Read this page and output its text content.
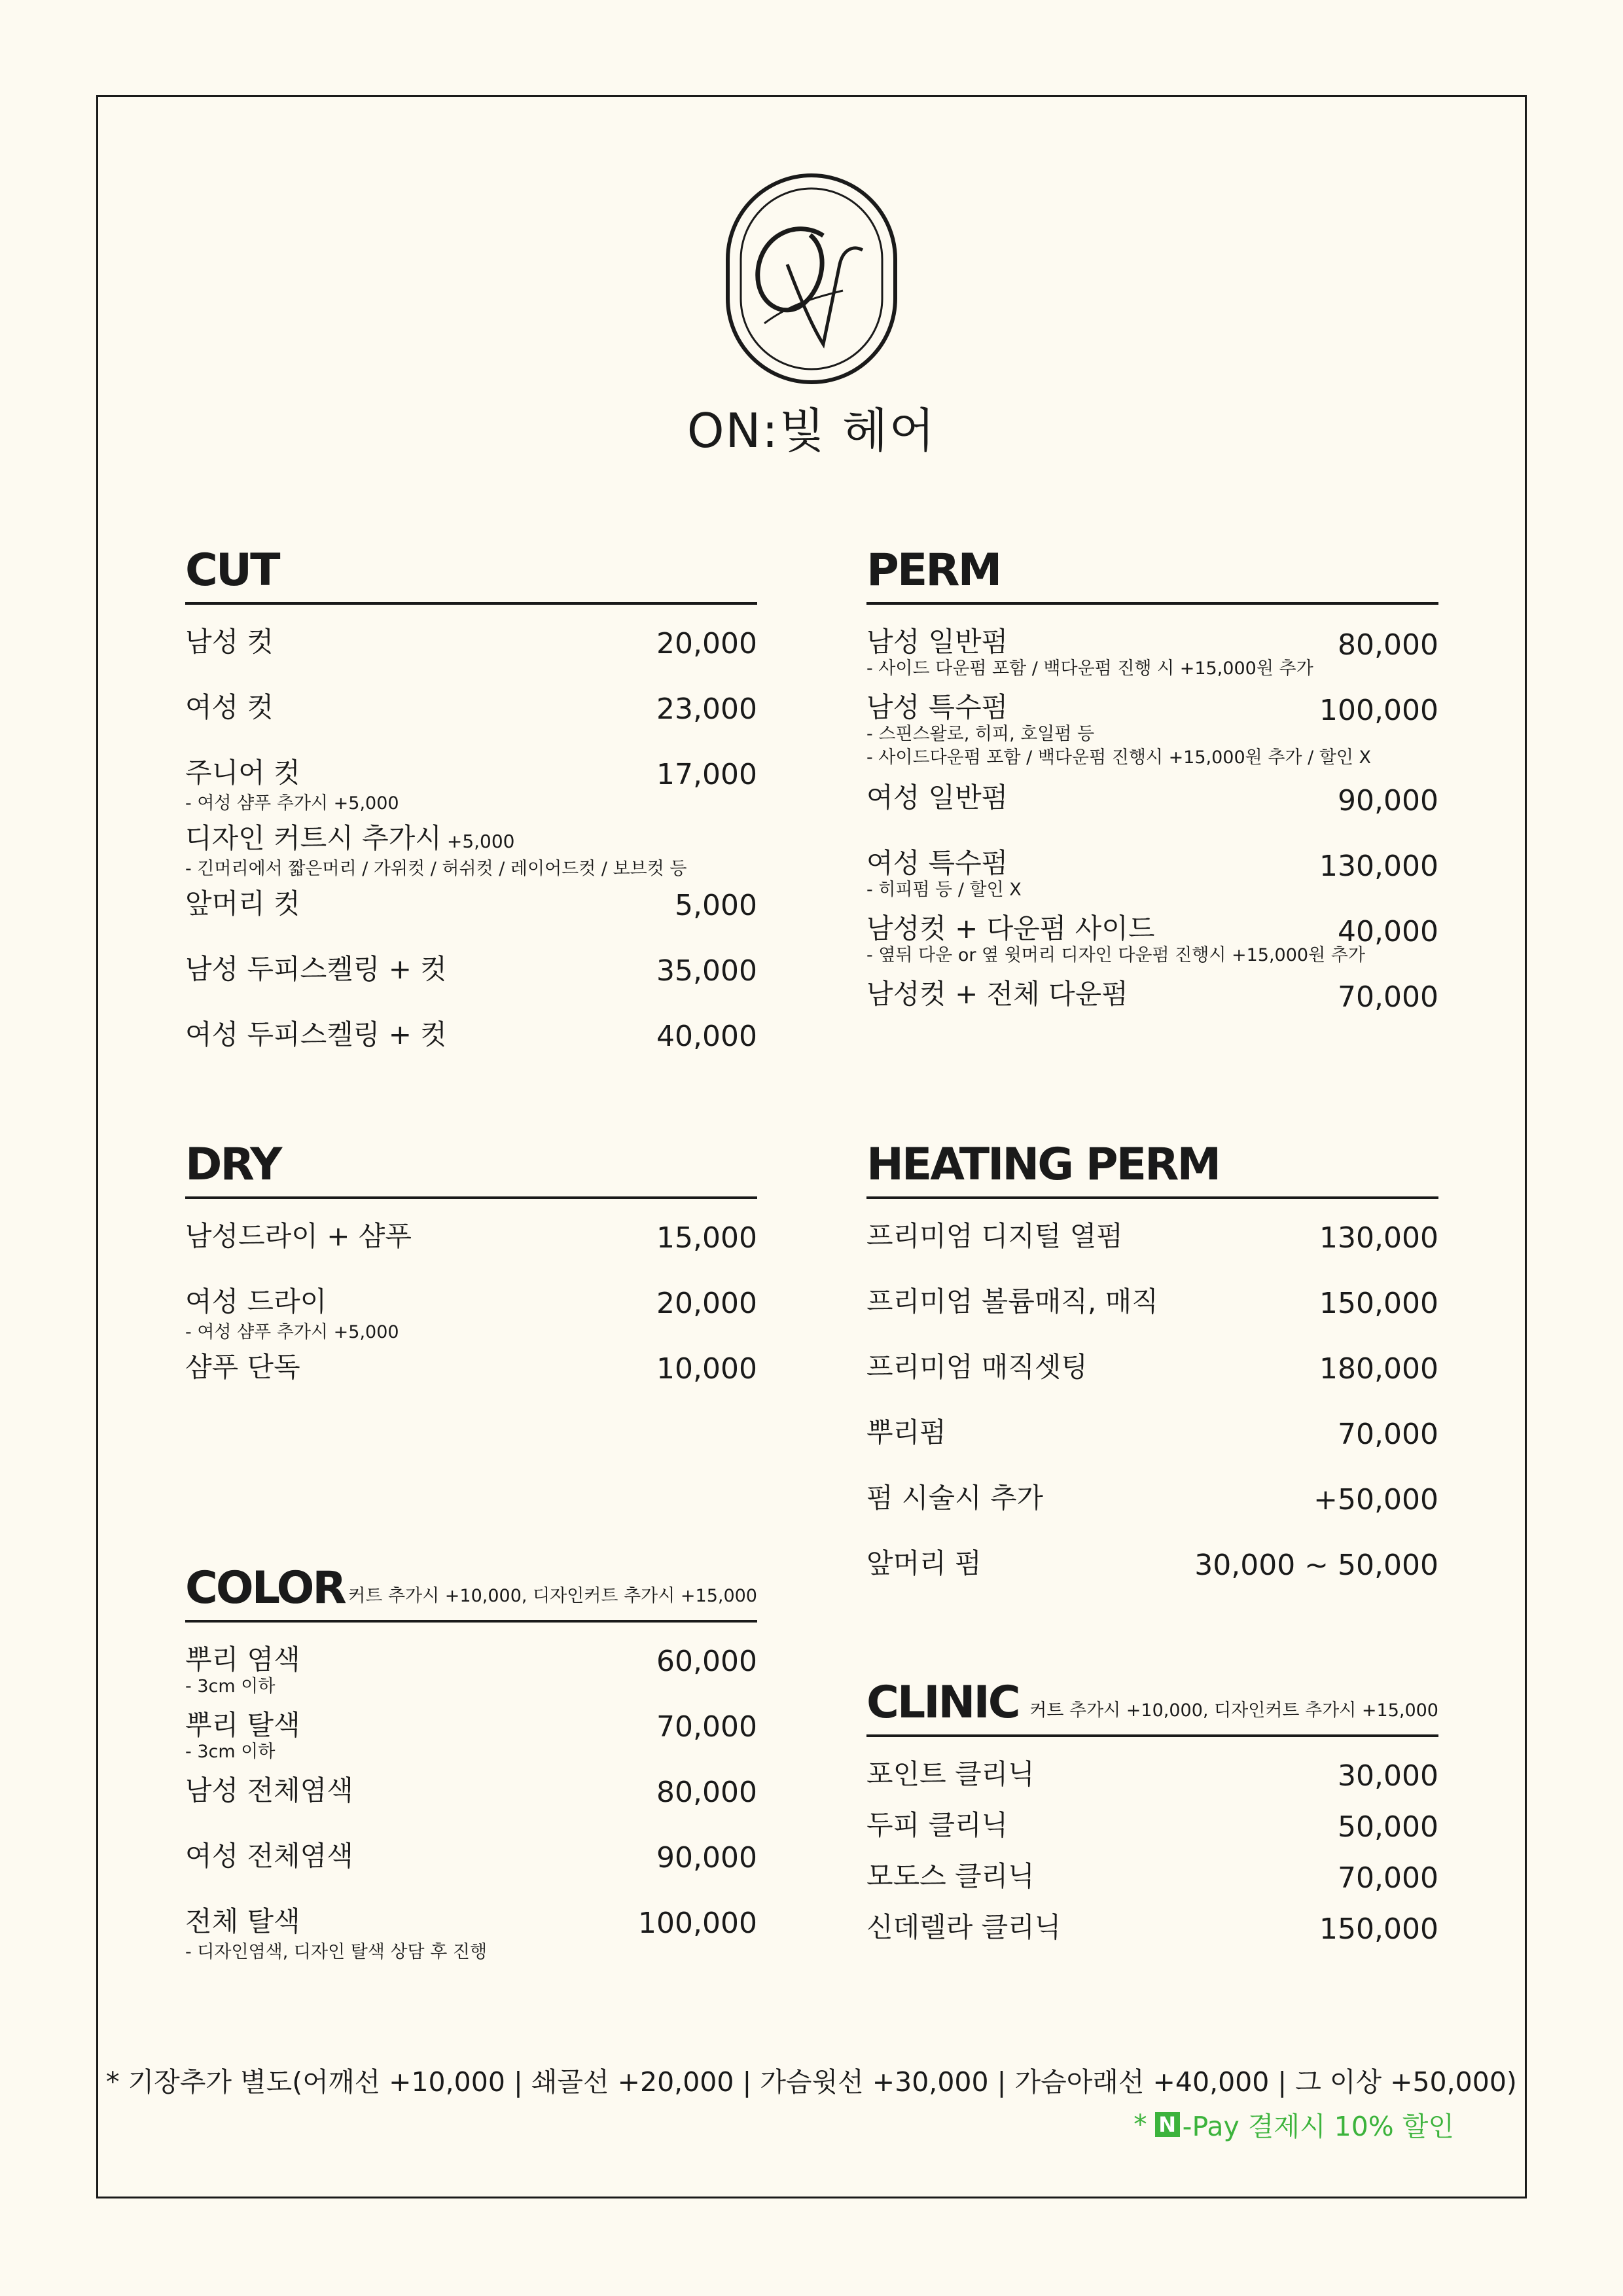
ON:빛 헤어
CUT
남성 컷	20,000
여성 컷	23,000
주니어 컷	17,000
- 여성 샴푸 추가시 +5,000
디자인 커트시 추가시 +5,000
- 긴머리에서 짧은머리 / 가위컷 / 허쉬컷 / 레이어드컷 / 보브컷 등
앞머리 컷	5,000
남성 두피스켈링 + 컷	35,000
여성 두피스켈링 + 컷	40,000
PERM
남성 일반펌	80,000
- 사이드 다운펌 포함 / 백다운펌 진행 시 +15,000원 추가
남성 특수펌	100,000
- 스핀스왈로, 히피, 호일펌 등
- 사이드다운펌 포함 / 백다운펌 진행시 +15,000원 추가 / 할인 X
여성 일반펌	90,000
여성 특수펌	130,000
- 히피펌 등 / 할인 X
남성컷 + 다운펌 사이드	40,000
- 옆뒤 다운 or 옆 윗머리 디자인 다운펌 진행시 +15,000원 추가
남성컷 + 전체 다운펌	70,000
DRY
남성드라이 + 샴푸	15,000
여성 드라이	20,000
- 여성 샴푸 추가시 +5,000
샴푸 단독	10,000
HEATING PERM
프리미엄 디지털 열펌	130,000
프리미엄 볼륨매직, 매직	150,000
프리미엄 매직셋팅	180,000
뿌리펌	70,000
펌 시술시 추가	+50,000
앞머리 펌	30,000 ~ 50,000
COLOR 커트 추가시 +10,000, 디자인커트 추가시 +15,000
뿌리 염색	60,000
- 3cm 이하
뿌리 탈색	70,000
- 3cm 이하
남성 전체염색	80,000
여성 전체염색	90,000
전체 탈색	100,000
- 디자인염색, 디자인 탈색 상담 후 진행
CLINIC 커트 추가시 +10,000, 디자인커트 추가시 +15,000
포인트 클리닉	30,000
두피 클리닉	50,000
모도스 클리닉	70,000
신데렐라 클리닉	150,000
* 기장추가 별도(어깨선 +10,000 | 쇄골선 +20,000 | 가슴윗선 +30,000 | 가슴아래선 +40,000 | 그 이상 +50,000)
* N -Pay 결제시 10% 할인
